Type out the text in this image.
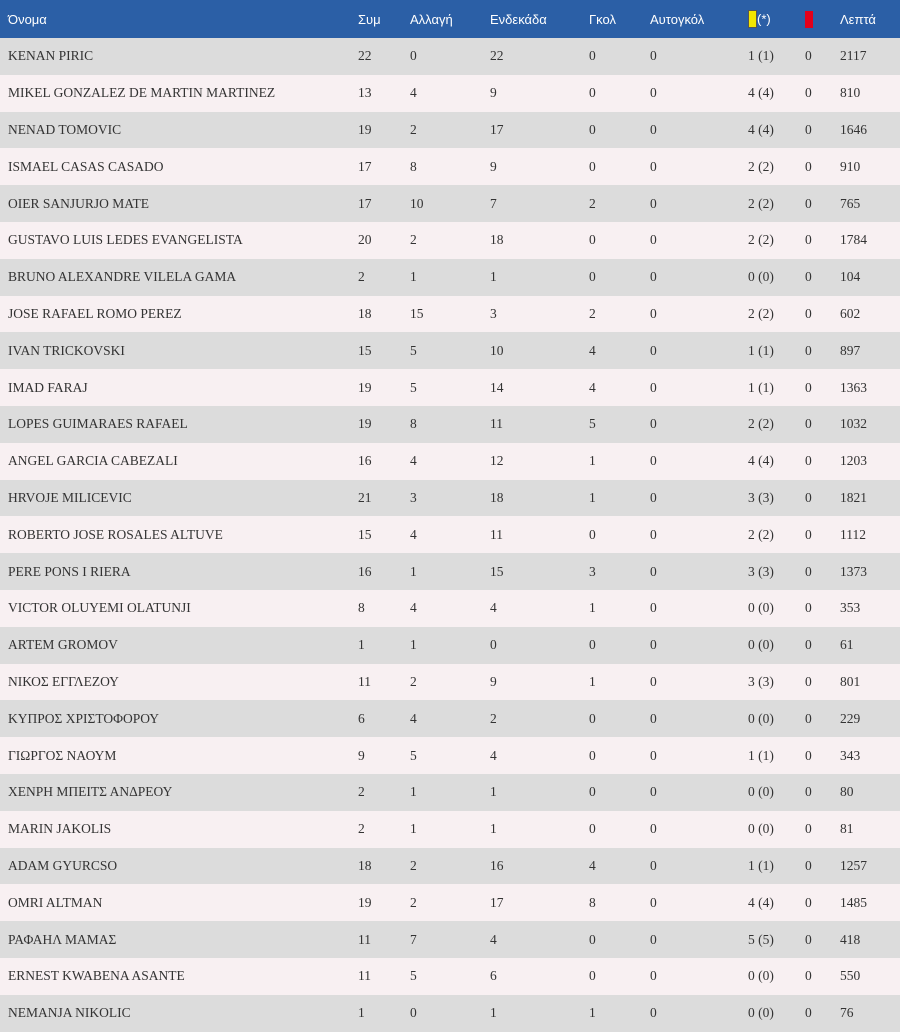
Όνομα	Συμ	Αλλαγή	Ενδεκάδα	Γκολ	Αυτογκόλ	(*)		Λεπτά
KENAN PIRIC	22	0	22	0	0	1 (1)	0	2117
MIKEL GONZALEZ DE MARTIN MARTINEZ	13	4	9	0	0	4 (4)	0	810
NENAD TOMOVIC	19	2	17	0	0	4 (4)	0	1646
ISMAEL CASAS CASADO	17	8	9	0	0	2 (2)	0	910
OIER SANJURJO MATE	17	10	7	2	0	2 (2)	0	765
GUSTAVO LUIS LEDES EVANGELISTA	20	2	18	0	0	2 (2)	0	1784
BRUNO ALEXANDRE VILELA GAMA	2	1	1	0	0	0 (0)	0	104
JOSE RAFAEL ROMO PEREZ	18	15	3	2	0	2 (2)	0	602
IVAN TRICKOVSKI	15	5	10	4	0	1 (1)	0	897
IMAD FARAJ	19	5	14	4	0	1 (1)	0	1363
LOPES GUIMARAES RAFAEL	19	8	11	5	0	2 (2)	0	1032
ANGEL GARCIA CABEZALI	16	4	12	1	0	4 (4)	0	1203
HRVOJE MILICEVIC	21	3	18	1	0	3 (3)	0	1821
ROBERTO JOSE ROSALES ALTUVE	15	4	11	0	0	2 (2)	0	1112
PERE PONS I RIERA	16	1	15	3	0	3 (3)	0	1373
VICTOR OLUYEMI OLATUNJI	8	4	4	1	0	0 (0)	0	353
ARTEM GROMOV	1	1	0	0	0	0 (0)	0	61
ΝΙΚΟΣ ΕΓΓΛΕΖΟΥ	11	2	9	1	0	3 (3)	0	801
ΚΥΠΡΟΣ ΧΡΙΣΤΟΦΟΡΟΥ	6	4	2	0	0	0 (0)	0	229
ΓΙΩΡΓΟΣ ΝΑΟΥΜ	9	5	4	0	0	1 (1)	0	343
ΧΕΝΡΗ ΜΠΕΙΤΣ ΑΝΔΡΕΟΥ	2	1	1	0	0	0 (0)	0	80
MARIN JAKOLIS	2	1	1	0	0	0 (0)	0	81
ADAM GYURCSO	18	2	16	4	0	1 (1)	0	1257
OMRI ALTMAN	19	2	17	8	0	4 (4)	0	1485
ΡΑΦΑΗΛ ΜΑΜΑΣ	11	7	4	0	0	5 (5)	0	418
ERNEST KWABENA ASANTE	11	5	6	0	0	0 (0)	0	550
NEMANJA NIKOLIC	1	0	1	1	0	0 (0)	0	76
